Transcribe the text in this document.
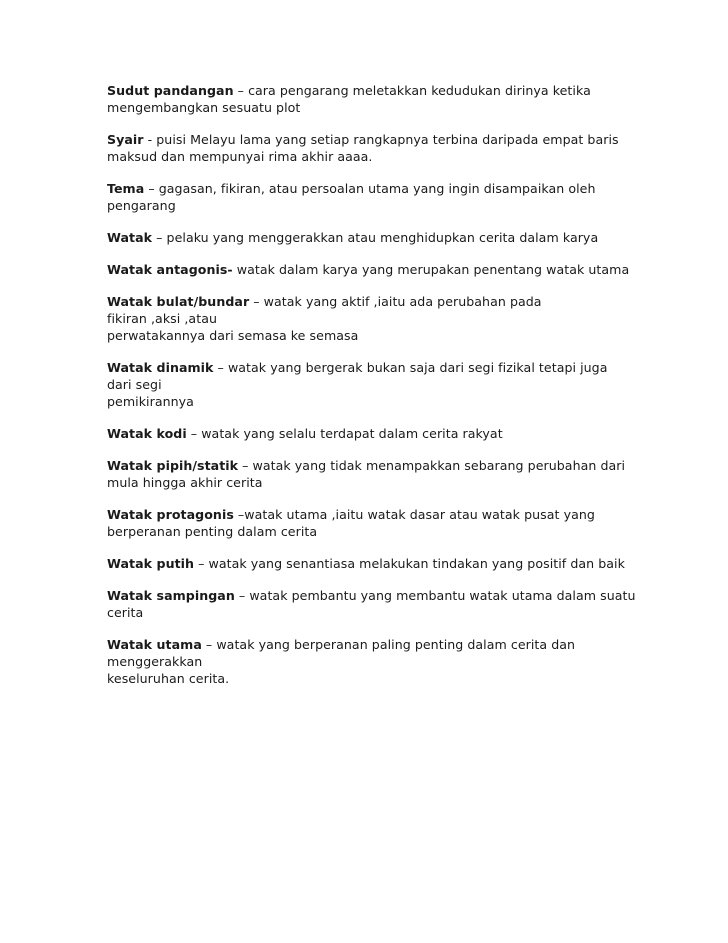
Sudut pandangan – cara pengarang meletakkan kedudukan dirinya ketika
mengembangkan sesuatu plot

Syair - puisi Melayu lama yang setiap rangkapnya terbina daripada empat baris
maksud dan mempunyai rima akhir aaaa.

Tema – gagasan, fikiran, atau persoalan utama yang ingin disampaikan oleh
pengarang

Watak – pelaku yang menggerakkan atau menghidupkan cerita dalam karya

Watak antagonis- watak dalam karya yang merupakan penentang watak utama

Watak bulat/bundar – watak yang aktif ,iaitu ada perubahan pada
fikiran ,aksi ,atau
perwatakannya dari semasa ke semasa

Watak dinamik – watak yang bergerak bukan saja dari segi fizikal tetapi juga
dari segi
pemikirannya

Watak kodi – watak yang selalu terdapat dalam cerita rakyat

Watak pipih/statik – watak yang tidak menampakkan sebarang perubahan dari
mula hingga akhir cerita

Watak protagonis –watak utama ,iaitu watak dasar atau watak pusat yang
berperanan penting dalam cerita

Watak putih – watak yang senantiasa melakukan tindakan yang positif dan baik

Watak sampingan – watak pembantu yang membantu watak utama dalam suatu
cerita

Watak utama – watak yang berperanan paling penting dalam cerita dan
menggerakkan
keseluruhan cerita.
